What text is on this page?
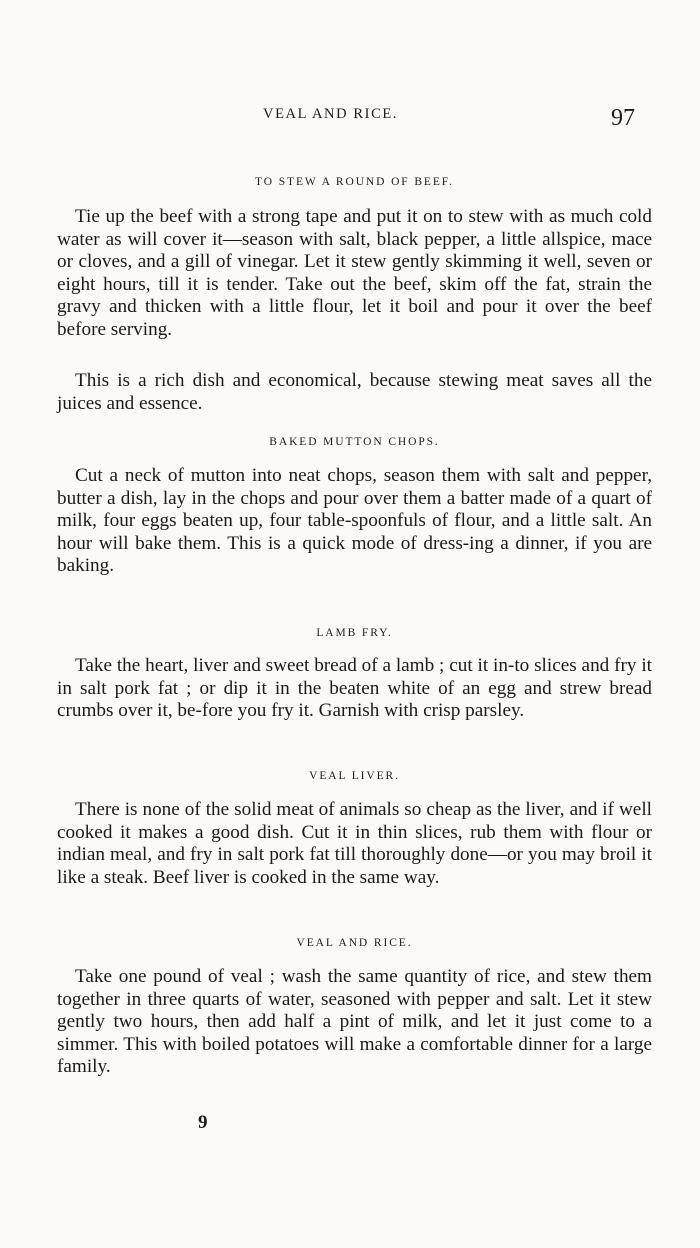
VEAL AND RICE.	97
TO STEW A ROUND OF BEEF.

Tie up the beef with a strong tape and put it on to stew with as much cold water as will cover it—season with salt, black pepper, a little allspice, mace or cloves, and a gill of vinegar. Let it stew gently skimming it well, seven or eight hours, till it is tender. Take out the beef, skim off the fat, strain the gravy and thicken with a little flour, let it boil and pour it over the beef before serving.

This is a rich dish and economical, because stewing meat saves all the juices and essence.

BAKED MUTTON CHOPS.

Cut a neck of mutton into neat chops, season them with salt and pepper, butter a dish, lay in the chops and pour over them a batter made of a quart of milk, four eggs beaten up, four table-spoonfuls of flour, and a little salt. An hour will bake them. This is a quick mode of dress-ing a dinner, if you are baking.

LAMB FRY.

Take the heart, liver and sweet bread of a lamb ; cut it in-to slices and fry it in salt pork fat ; or dip it in the beaten white of an egg and strew bread crumbs over it, be-fore you fry it. Garnish with crisp parsley.

VEAL LIVER.

There is none of the solid meat of animals so cheap as the liver, and if well cooked it makes a good dish. Cut it in thin slices, rub them with flour or indian meal, and fry in salt pork fat till thoroughly done—or you may broil it like a steak. Beef liver is cooked in the same way.

VEAL AND RICE.

Take one pound of veal ; wash the same quantity of rice, and stew them together in three quarts of water, seasoned with pepper and salt. Let it stew gently two hours, then add half a pint of milk, and let it just come to a simmer. This with boiled potatoes will make a comfortable dinner for a large family.

9
